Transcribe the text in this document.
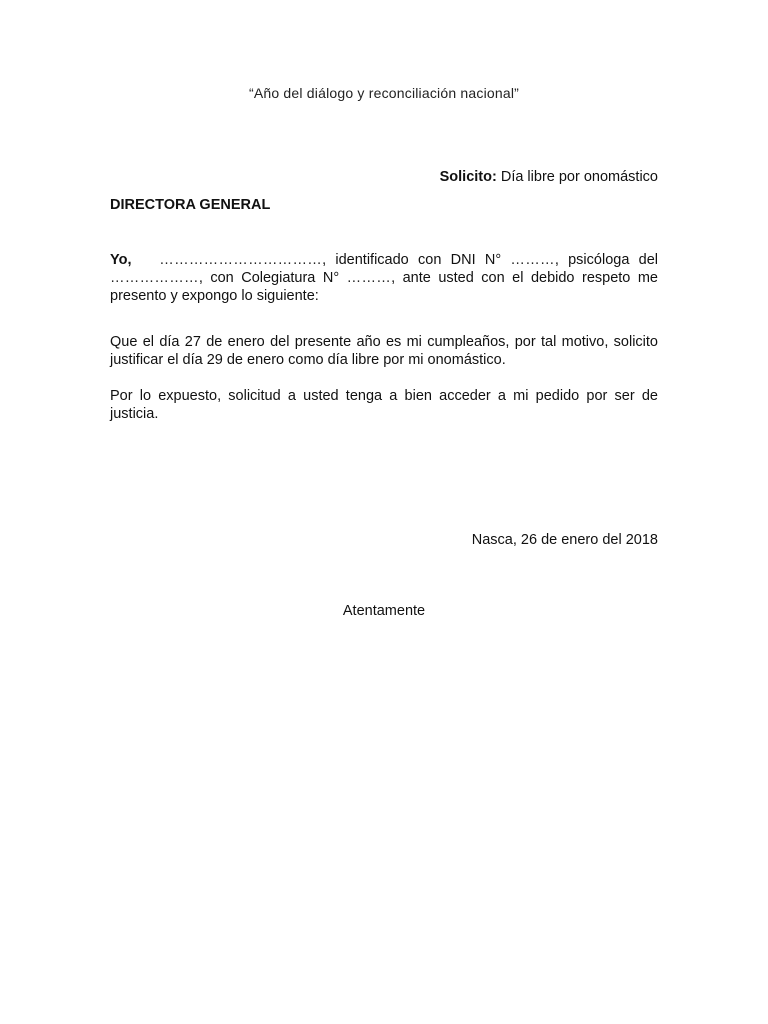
“Año del diálogo y reconciliación nacional”
Solicito: Día libre por onomástico
DIRECTORA GENERAL
Yo, ……………………………, identificado con DNI N° ………, psicóloga del ………………, con Colegiatura N° ………, ante usted con el debido respeto me presento y expongo lo siguiente:
Que el día 27 de enero del presente año es mi cumpleaños, por tal motivo, solicito justificar el día 29 de enero como día libre por mi onomástico.
Por lo expuesto, solicitud a usted tenga a bien acceder a mi pedido por ser de justicia.
Nasca, 26 de enero del 2018
Atentamente
